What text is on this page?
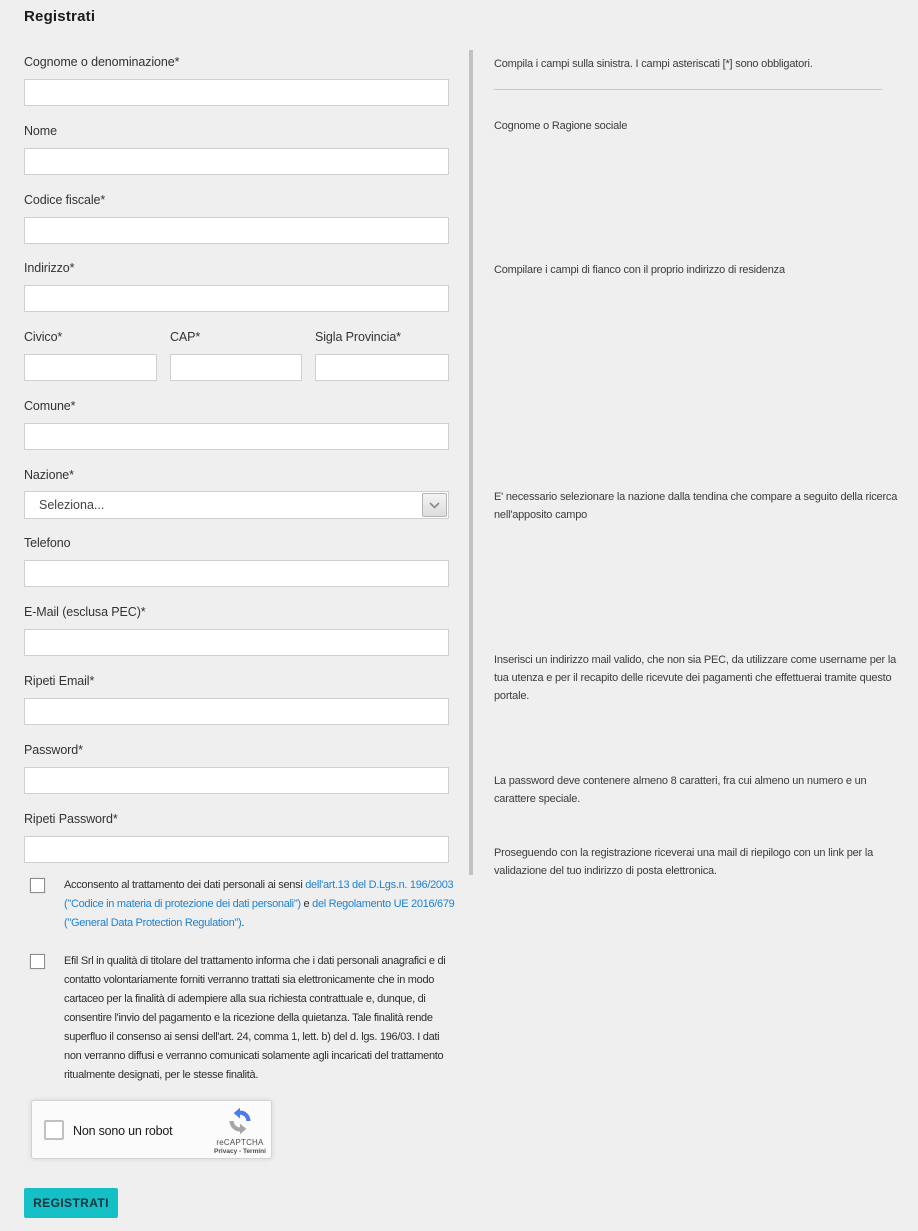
Registrati
Cognome o denominazione*
Nome
Codice fiscale*
Indirizzo*
Civico*	CAP*	Sigla Provincia*
Comune*
Nazione*
Seleziona...
Telefono
E-Mail (esclusa PEC)*
Ripeti Email*
Password*
Ripeti Password*
Acconsento al trattamento dei dati personali ai sensi dell'art.13 del D.Lgs.n. 196/2003 ("Codice in materia di protezione dei dati personali") e del Regolamento UE 2016/679 ("General Data Protection Regulation").
Efil Srl in qualità di titolare del trattamento informa che i dati personali anagrafici e di contatto volontariamente forniti verranno trattati sia elettronicamente che in modo cartaceo per la finalità di adempiere alla sua richiesta contrattuale e, dunque, di consentire l'invio del pagamento e la ricezione della quietanza. Tale finalità rende superfluo il consenso ai sensi dell'art. 24, comma 1, lett. b) del d. lgs. 196/03. I dati non verranno diffusi e verranno comunicati solamente agli incaricati del trattamento ritualmente designati, per le stesse finalità.
Non sono un robot
reCAPTCHA
Privacy - Termini
REGISTRATI
Compila i campi sulla sinistra. I campi asteriscati [*] sono obbligatori.
Cognome o Ragione sociale
Compilare i campi di fianco con il proprio indirizzo di residenza
E' necessario selezionare la nazione dalla tendina che compare a seguito della ricerca nell'apposito campo
Inserisci un indirizzo mail valido, che non sia PEC, da utilizzare come username per la tua utenza e per il recapito delle ricevute dei pagamenti che effettuerai tramite questo portale.
La password deve contenere almeno 8 caratteri, fra cui almeno un numero e un carattere speciale.
Proseguendo con la registrazione riceverai una mail di riepilogo con un link per la validazione del tuo indirizzo di posta elettronica.
